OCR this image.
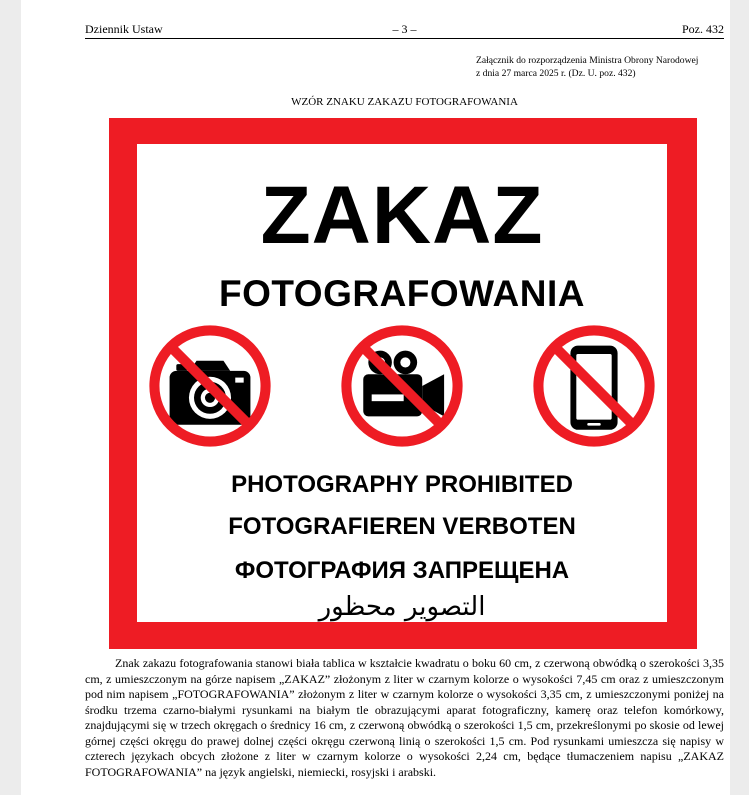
– 3 –
Dziennik Ustaw	Poz. 432
Załącznik do rozporządzenia Ministra Obrony Narodowej
z dnia 27 marca 2025 r. (Dz. U. poz. 432)
WZÓR ZNAKU ZAKAZU FOTOGRAFOWANIA
ZAKAZ
FOTOGRAFOWANIA
PHOTOGRAPHY PROHIBITED
FOTOGRAFIEREN VERBOTEN
ФОТОГРАФИЯ ЗАПРЕЩЕНА
التصوير محظور
Znak zakazu fotografowania stanowi biała tablica w kształcie kwadratu o boku 60 cm, z czerwoną obwódką o szerokości 3,35 cm, z umieszczonym na górze napisem „ZAKAZ” złożonym z liter w czarnym kolorze o wysokości 7,45 cm oraz z umieszczonym pod nim napisem „FOTOGRAFOWANIA” złożonym z liter w czarnym kolorze o wysokości 3,35 cm, z umieszczonymi poniżej na środku trzema czarno-białymi rysunkami na białym tle obrazującymi aparat fotograficzny, kamerę oraz telefon komórkowy, znajdującymi się w trzech okręgach o średnicy 16 cm, z czerwoną obwódką o szerokości 1,5 cm, przekreślonymi po skosie od lewej górnej części okręgu do prawej dolnej części okręgu czerwoną linią o szerokości 1,5 cm. Pod rysunkami umieszcza się napisy w czterech językach obcych złożone z liter w czarnym kolorze o wysokości 2,24 cm, będące tłumaczeniem napisu „ZAKAZ FOTOGRAFOWANIA” na język angielski, niemiecki, rosyjski i arabski.
